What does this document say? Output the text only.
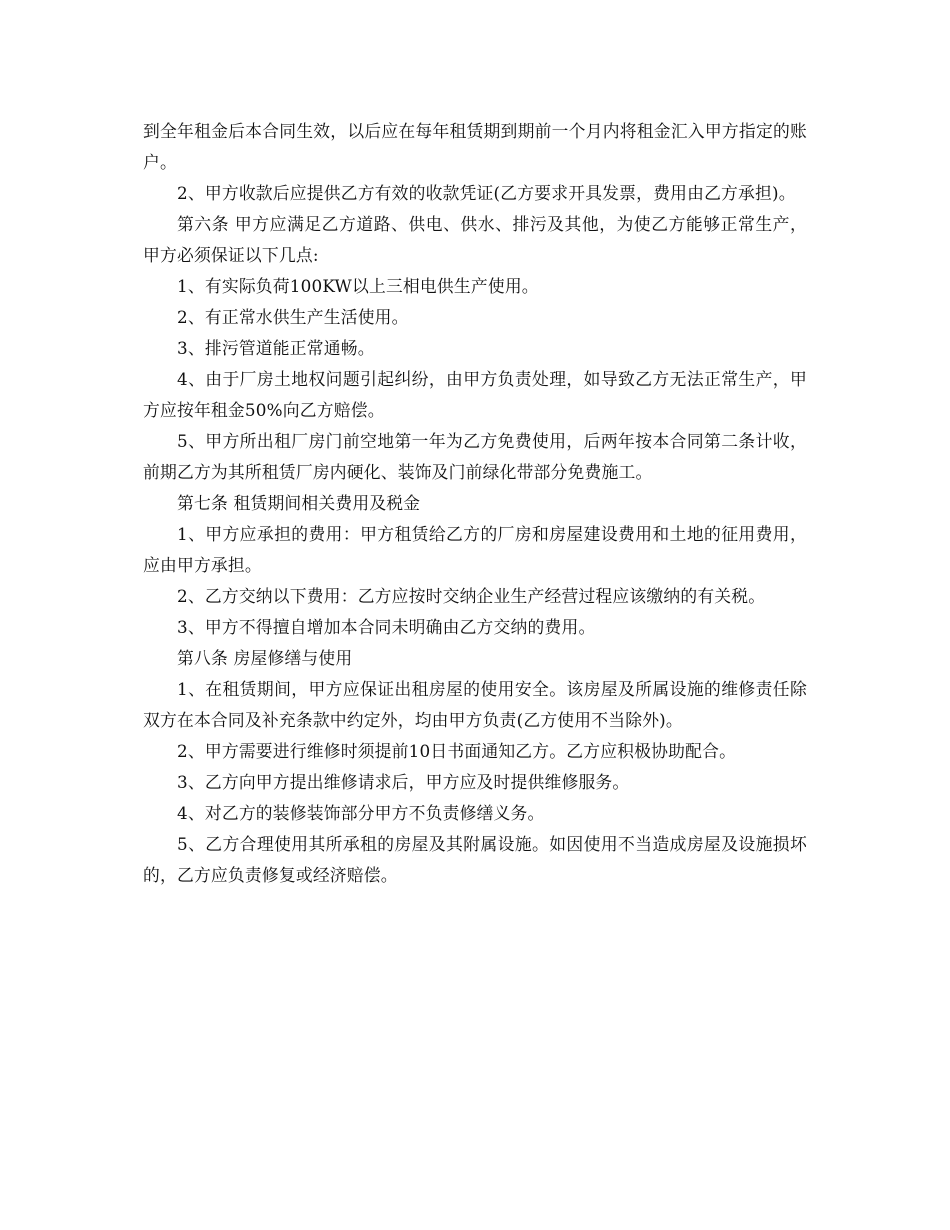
到全年租金后本合同生效，以后应在每年租赁期到期前一个月内将租金汇入甲方指定的账户。

2、甲方收款后应提供乙方有效的收款凭证(乙方要求开具发票，费用由乙方承担)。

第六条 甲方应满足乙方道路、供电、供水、排污及其他，为使乙方能够正常生产，甲方必须保证以下几点:

1、有实际负荷100KW以上三相电供生产使用。

2、有正常水供生产生活使用。

3、排污管道能正常通畅。

4、由于厂房土地权问题引起纠纷，由甲方负责处理，如导致乙方无法正常生产，甲方应按年租金50%向乙方赔偿。

5、甲方所出租厂房门前空地第一年为乙方免费使用，后两年按本合同第二条计收，前期乙方为其所租赁厂房内硬化、装饰及门前绿化带部分免费施工。

第七条 租赁期间相关费用及税金

1、甲方应承担的费用：甲方租赁给乙方的厂房和房屋建设费用和土地的征用费用，应由甲方承担。

2、乙方交纳以下费用：乙方应按时交纳企业生产经营过程应该缴纳的有关税。

3、甲方不得擅自增加本合同未明确由乙方交纳的费用。

第八条 房屋修缮与使用

1、在租赁期间，甲方应保证出租房屋的使用安全。该房屋及所属设施的维修责任除双方在本合同及补充条款中约定外，均由甲方负责(乙方使用不当除外)。

2、甲方需要进行维修时须提前10日书面通知乙方。乙方应积极协助配合。

3、乙方向甲方提出维修请求后，甲方应及时提供维修服务。

4、对乙方的装修装饰部分甲方不负责修缮义务。

5、乙方合理使用其所承租的房屋及其附属设施。如因使用不当造成房屋及设施损坏的，乙方应负责修复或经济赔偿。
